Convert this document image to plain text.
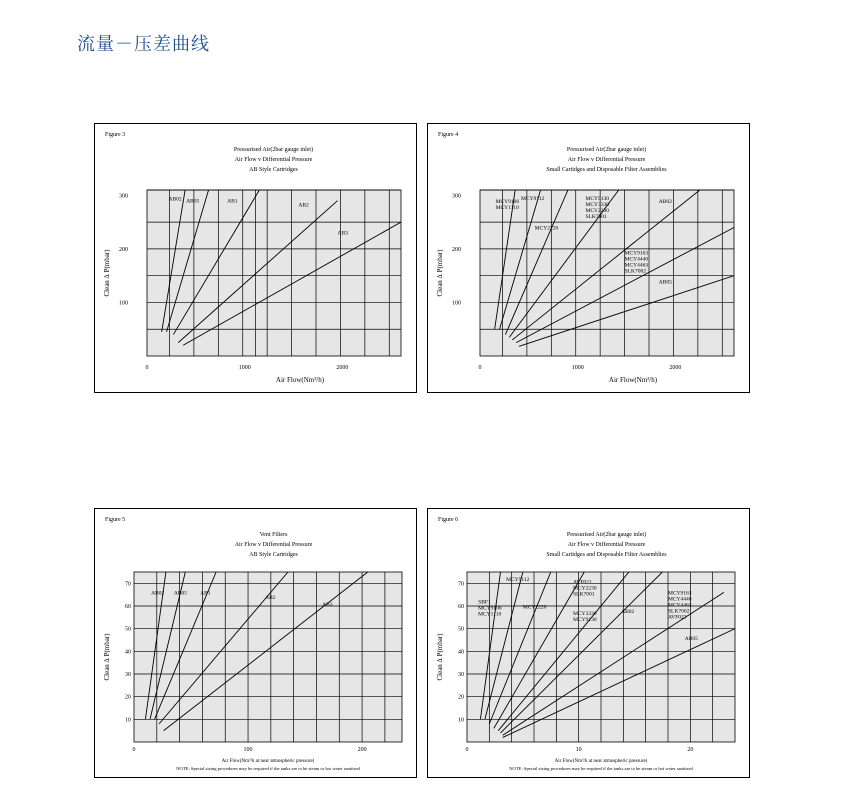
流量－压差曲线
Figure 3
Pressurised Air(2bar gauge inlet)
Air Flow v Differential Pressure
AB Style Cartridges
100
200
300
0	1000	2000
Clean ∆ P(mbar)
Air Flow(Nm³/h)
AB02 AB05	AB1
AB2
AB3
Figure 4
Pressurised Air(2bar gauge inlet)
Air Flow v Differential Pressure
Small Cartidges and Disposable Filter Assemblies
100
200
300
0	1000	2000
Clean ∆ P(mbar)
Air Flow(Nm³/h)
MCY9106
MCY1110
MCY9112
MCY2220
MCY9130
MCY3330
MCY2230
SLK7001
AB02
MCY9163
MCY4440
MCY4463
SLK7002
AB05
Figure 5
Vent Filters
Air Flow v Differential Pressure
AB Style Cartridges
10
20
30
40
50
60
70
0	100	200
Clean ∆ P(mbar)
Air Flow(Nm³/h at near atmospheric pressure)
NOTE: Special sizing procedures may be required if the tanks are to be steam or hot water sanitised
AB02 AB05 AB1
AB2
AB3
Figure 6
Pressurised Air(2bar gauge inlet)
Air Flow v Differential Pressure
Small Cartidges and Disposable Filter Assemblies
10
20
30
40
50
60
70
0	10	20
Clean ∆ P(mbar)
Air Flow(Nm³/h at near atmospheric pressure)
NOTE: Special sizing procedures may be required if the tanks are to be steam or hot water sanitised
SBF1
MCY9106
MCY1110
MCY9112
MCY2220
AVF021
MCY2230
SLK7001
MCY3330
MCY9130
AB02
MCY9163
MCY4440
MCY4463
SLK7002
AVF022
AB05
